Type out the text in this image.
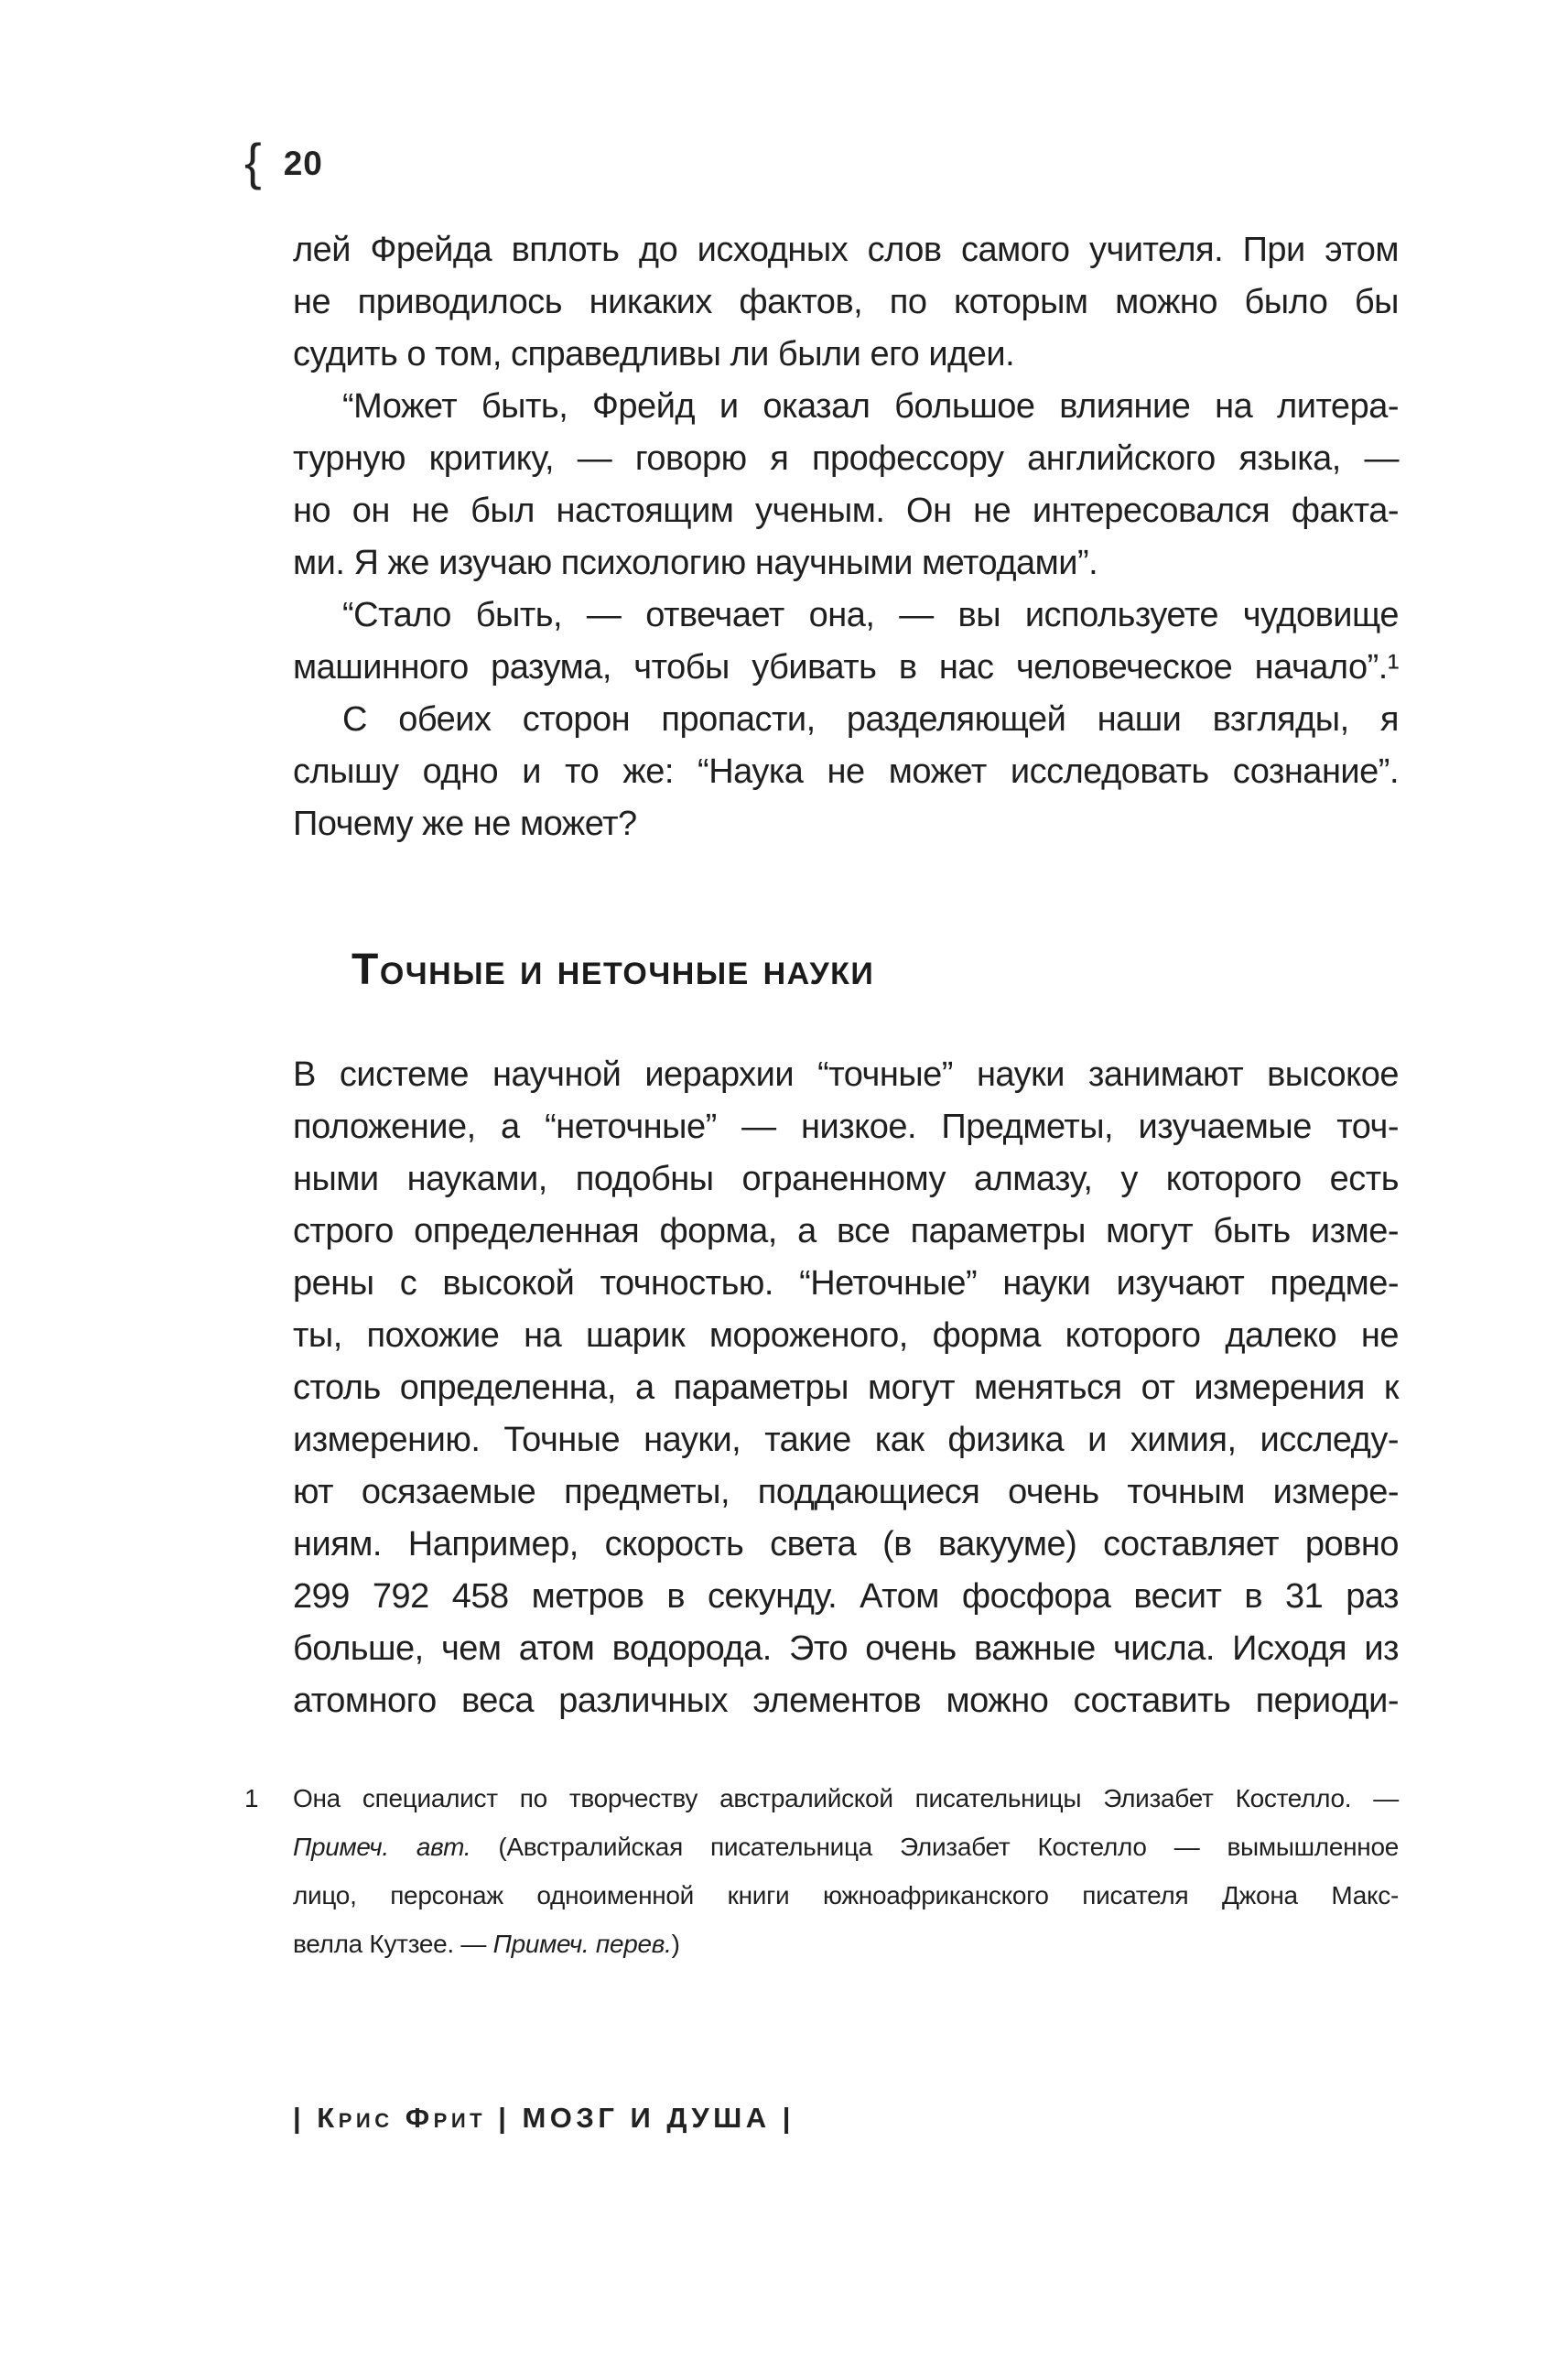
{ 20
лей Фрейда вплоть до исходных слов самого учителя. При этом
не приводилось никаких фактов, по которым можно было бы
судить о том, справедливы ли были его идеи.
“Может быть, Фрейд и оказал большое влияние на литера-
турную критику, — говорю я профессору английского языка, —
но он не был настоящим ученым. Он не интересовался факта-
ми. Я же изучаю психологию научными методами”.
“Стало быть, — отвечает она, — вы используете чудовище
машинного разума, чтобы убивать в нас человеческое начало”.¹
С обеих сторон пропасти, разделяющей наши взгляды, я
слышу одно и то же: “Наука не может исследовать сознание”.
Почему же не может?
Точные и неточные науки
В системе научной иерархии “точные” науки занимают высокое
положение, а “неточные” — низкое. Предметы, изучаемые точ-
ными науками, подобны ограненному алмазу, у которого есть
строго определенная форма, а все параметры могут быть изме-
рены с высокой точностью. “Неточные” науки изучают предме-
ты, похожие на шарик мороженого, форма которого далеко не
столь определенна, а параметры могут меняться от измерения к
измерению. Точные науки, такие как физика и химия, исследу-
ют осязаемые предметы, поддающиеся очень точным измере-
ниям. Например, скорость света (в вакууме) составляет ровно
299 792 458 метров в секунду. Атом фосфора весит в 31 раз
больше, чем атом водорода. Это очень важные числа. Исходя из
атомного веса различных элементов можно составить периоди-
1 Она специалист по творчеству австралийской писательницы Элизабет Костелло. —
Примеч. авт. (Австралийская писательница Элизабет Костелло — вымышленное
лицо, персонаж одноименной книги южноафриканского писателя Джона Макс-
велла Кутзее. — Примеч. перев.)
| Крис Фрит | МОЗГ И ДУША |
